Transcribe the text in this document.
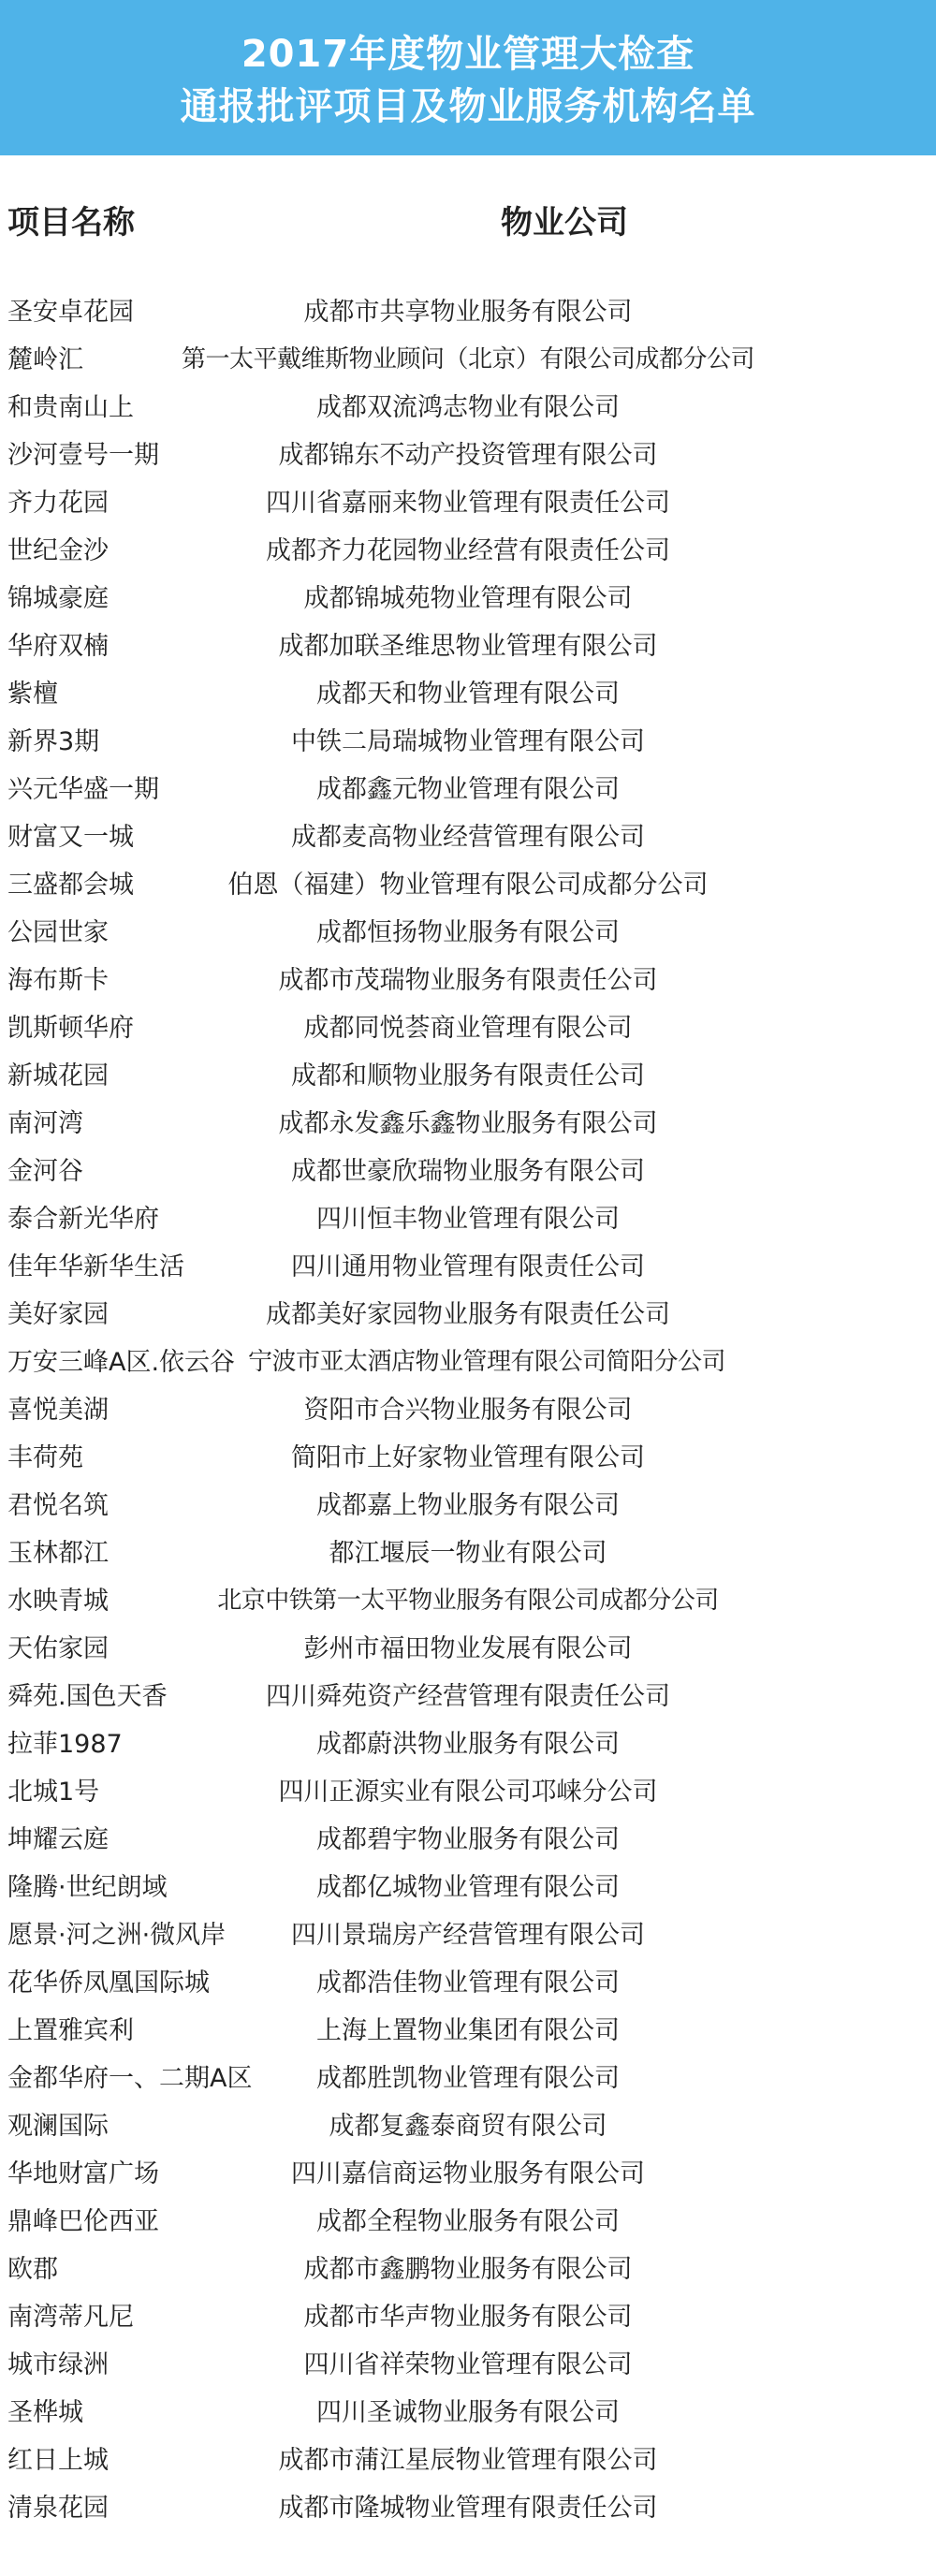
2017年度物业管理大检查
通报批评项目及物业服务机构名单
项目名称	物业公司
成都市共享物业服务有限公司
圣安卓花园
第一太平戴维斯物业顾问（北京）有限公司成都分公司
麓岭汇
成都双流鸿志物业有限公司
和贵南山上
成都锦东不动产投资管理有限公司
沙河壹号一期
四川省嘉丽来物业管理有限责任公司
齐力花园
成都齐力花园物业经营有限责任公司
世纪金沙
成都锦城苑物业管理有限公司
锦城豪庭
成都加联圣维思物业管理有限公司
华府双楠
成都天和物业管理有限公司
紫檀
中铁二局瑞城物业管理有限公司
新界3期
成都鑫元物业管理有限公司
兴元华盛一期
成都麦高物业经营管理有限公司
财富又一城
伯恩（福建）物业管理有限公司成都分公司
三盛都会城
成都恒扬物业服务有限公司
公园世家
成都市茂瑞物业服务有限责任公司
海布斯卡
成都同悦荟商业管理有限公司
凯斯顿华府
成都和顺物业服务有限责任公司
新城花园
成都永发鑫乐鑫物业服务有限公司
南河湾
成都世豪欣瑞物业服务有限公司
金河谷
四川恒丰物业管理有限公司
泰合新光华府
四川通用物业管理有限责任公司
佳年华新华生活
成都美好家园物业服务有限责任公司
美好家园
宁波市亚太酒店物业管理有限公司简阳分公司
万安三峰A区.依云谷
资阳市合兴物业服务有限公司
喜悦美湖
简阳市上好家物业管理有限公司
丰荷苑
成都嘉上物业服务有限公司
君悦名筑
都江堰辰一物业有限公司
玉林都江
北京中铁第一太平物业服务有限公司成都分公司
水映青城
彭州市福田物业发展有限公司
天佑家园
四川舜苑资产经营管理有限责任公司
舜苑.国色天香
成都蔚洪物业服务有限公司
拉菲1987
四川正源实业有限公司邛崃分公司
北城1号
成都碧宇物业服务有限公司
坤耀云庭
成都亿城物业管理有限公司
隆腾·世纪朗域
四川景瑞房产经营管理有限公司
愿景·河之洲·微风岸
成都浩佳物业管理有限公司
花华侨凤凰国际城
上海上置物业集团有限公司
上置雅宾利
成都胜凯物业管理有限公司
金都华府一、二期A区
成都复鑫泰商贸有限公司
观澜国际
四川嘉信商运物业服务有限公司
华地财富广场
成都全程物业服务有限公司
鼎峰巴伦西亚
成都市鑫鹏物业服务有限公司
欧郡
成都市华声物业服务有限公司
南湾蒂凡尼
四川省祥荣物业管理有限公司
城市绿洲
四川圣诚物业服务有限公司
圣桦城
成都市蒲江星辰物业管理有限公司
红日上城
成都市隆城物业管理有限责任公司
清泉花园
